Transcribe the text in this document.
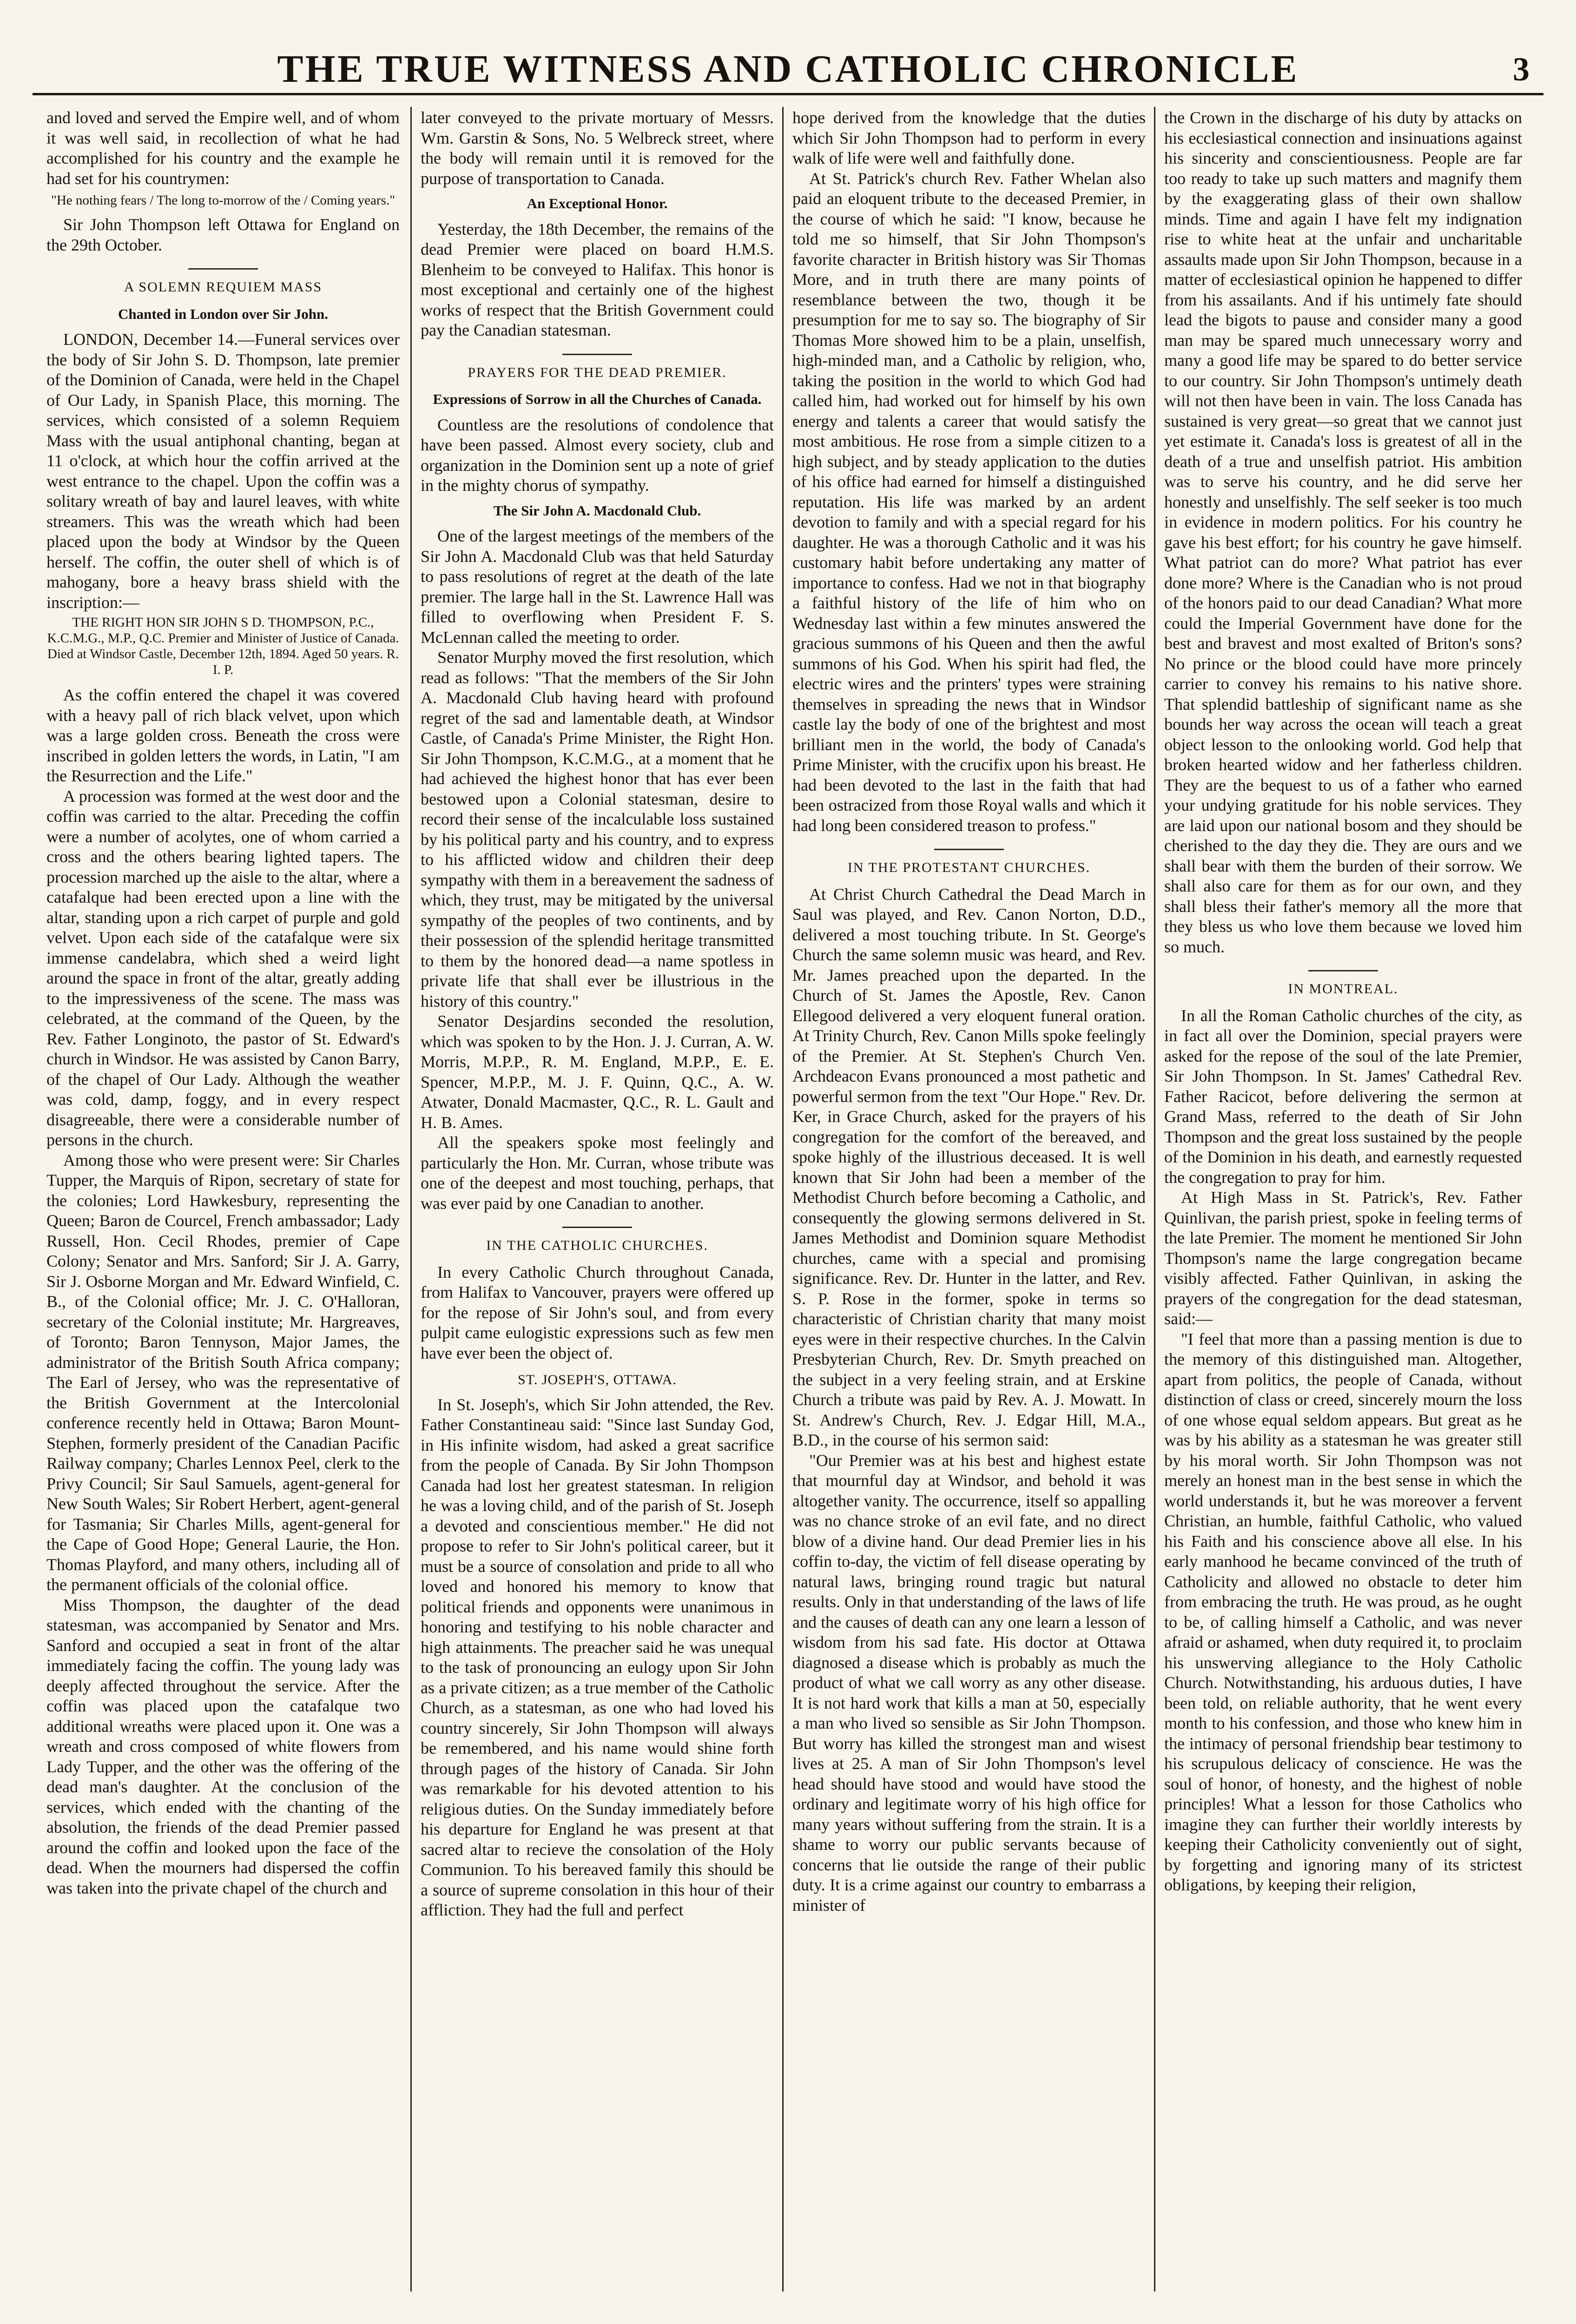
THE TRUE WITNESS AND CATHOLIC CHRONICLE	3

and loved and served the Empire well, and of whom it was well said, in recollection of what he had accomplished for his country and the example he had set for his countrymen:

"He nothing fears / The long to-morrow of the / Coming years."

Sir John Thompson left Ottawa for England on the 29th October.

A SOLEMN REQUIEM MASS
Chanted in London over Sir John.

LONDON, December 14.—Funeral services over the body of Sir John S. D. Thompson, late premier of the Dominion of Canada, were held in the Chapel of Our Lady, in Spanish Place, this morning. The services, which consisted of a solemn Requiem Mass with the usual antiphonal chanting, began at 11 o'clock, at which hour the coffin arrived at the west entrance to the chapel. Upon the coffin was a solitary wreath of bay and laurel leaves, with white streamers. This was the wreath which had been placed upon the body at Windsor by the Queen herself. The coffin, the outer shell of which is of mahogany, bore a heavy brass shield with the inscription:—

THE RIGHT HON SIR JOHN S D. THOMPSON, P.C., K.C.M.G., M.P., Q.C. Premier and Minister of Justice of Canada. Died at Windsor Castle, December 12th, 1894. Aged 50 years. R. I. P.

As the coffin entered the chapel it was covered with a heavy pall of rich black velvet, upon which was a large golden cross. Beneath the cross were inscribed in golden letters the words, in Latin, "I am the Resurrection and the Life."

A procession was formed at the west door and the coffin was carried to the altar. Preceding the coffin were a number of acolytes, one of whom carried a cross and the others bearing lighted tapers. The procession marched up the aisle to the altar, where a catafalque had been erected upon a line with the altar, standing upon a rich carpet of purple and gold velvet. Upon each side of the catafalque were six immense candelabra, which shed a weird light around the space in front of the altar, greatly adding to the impressiveness of the scene. The mass was celebrated, at the command of the Queen, by the Rev. Father Longinoto, the pastor of St. Edward's church in Windsor. He was assisted by Canon Barry, of the chapel of Our Lady. Although the weather was cold, damp, foggy, and in every respect disagreeable, there were a considerable number of persons in the church.

Among those who were present were: Sir Charles Tupper, the Marquis of Ripon, secretary of state for the colonies; Lord Hawkesbury, representing the Queen; Baron de Courcel, French ambassador; Lady Russell, Hon. Cecil Rhodes, premier of Cape Colony; Senator and Mrs. Sanford; Sir J. A. Garry, Sir J. Osborne Morgan and Mr. Edward Winfield, C. B., of the Colonial office; Mr. J. C. O'Halloran, secretary of the Colonial institute; Mr. Hargreaves, of Toronto; Baron Tennyson, Major James, the administrator of the British South Africa company; The Earl of Jersey, who was the representative of the British Government at the Intercolonial conference recently held in Ottawa; Baron Mount-Stephen, formerly president of the Canadian Pacific Railway company; Charles Lennox Peel, clerk to the Privy Council; Sir Saul Samuels, agent-general for New South Wales; Sir Robert Herbert, agent-general for Tasmania; Sir Charles Mills, agent-general for the Cape of Good Hope; General Laurie, the Hon. Thomas Playford, and many others, including all of the permanent officials of the colonial office.

Miss Thompson, the daughter of the dead statesman, was accompanied by Senator and Mrs. Sanford and occupied a seat in front of the altar immediately facing the coffin. The young lady was deeply affected throughout the service. After the coffin was placed upon the catafalque two additional wreaths were placed upon it. One was a wreath and cross composed of white flowers from Lady Tupper, and the other was the offering of the dead man's daughter. At the conclusion of the services, which ended with the chanting of the absolution, the friends of the dead Premier passed around the coffin and looked upon the face of the dead. When the mourners had dispersed the coffin was taken into the private chapel of the church and

later conveyed to the private mortuary of Messrs. Wm. Garstin & Sons, No. 5 Welbreck street, where the body will remain until it is removed for the purpose of transportation to Canada.

An Exceptional Honor.

Yesterday, the 18th December, the remains of the dead Premier were placed on board H.M.S. Blenheim to be conveyed to Halifax. This honor is most exceptional and certainly one of the highest works of respect that the British Government could pay the Canadian statesman.

PRAYERS FOR THE DEAD PREMIER.
Expressions of Sorrow in all the Churches of Canada.

Countless are the resolutions of condolence that have been passed. Almost every society, club and organization in the Dominion sent up a note of grief in the mighty chorus of sympathy.

The Sir John A. Macdonald Club.

One of the largest meetings of the members of the Sir John A. Macdonald Club was that held Saturday to pass resolutions of regret at the death of the late premier. The large hall in the St. Lawrence Hall was filled to overflowing when President F. S. McLennan called the meeting to order.

Senator Murphy moved the first resolution, which read as follows: "That the members of the Sir John A. Macdonald Club having heard with profound regret of the sad and lamentable death, at Windsor Castle, of Canada's Prime Minister, the Right Hon. Sir John Thompson, K.C.M.G., at a moment that he had achieved the highest honor that has ever been bestowed upon a Colonial statesman, desire to record their sense of the incalculable loss sustained by his political party and his country, and to express to his afflicted widow and children their deep sympathy with them in a bereavement the sadness of which, they trust, may be mitigated by the universal sympathy of the peoples of two continents, and by their possession of the splendid heritage transmitted to them by the honored dead—a name spotless in private life that shall ever be illustrious in the history of this country."

Senator Desjardins seconded the resolution, which was spoken to by the Hon. J. J. Curran, A. W. Morris, M.P.P., R. M. England, M.P.P., E. E. Spencer, M.P.P., M. J. F. Quinn, Q.C., A. W. Atwater, Donald Macmaster, Q.C., R. L. Gault and H. B. Ames.

All the speakers spoke most feelingly and particularly the Hon. Mr. Curran, whose tribute was one of the deepest and most touching, perhaps, that was ever paid by one Canadian to another.

IN THE CATHOLIC CHURCHES.

In every Catholic Church throughout Canada, from Halifax to Vancouver, prayers were offered up for the repose of Sir John's soul, and from every pulpit came eulogistic expressions such as few men have ever been the object of.

ST. JOSEPH'S, OTTAWA.

In St. Joseph's, which Sir John attended, the Rev. Father Constantineau said: "Since last Sunday God, in His infinite wisdom, had asked a great sacrifice from the people of Canada. By Sir John Thompson Canada had lost her greatest statesman. In religion he was a loving child, and of the parish of St. Joseph a devoted and conscientious member." He did not propose to refer to Sir John's political career, but it must be a source of consolation and pride to all who loved and honored his memory to know that political friends and opponents were unanimous in honoring and testifying to his noble character and high attainments. The preacher said he was unequal to the task of pronouncing an eulogy upon Sir John as a private citizen; as a true member of the Catholic Church, as a statesman, as one who had loved his country sincerely, Sir John Thompson will always be remembered, and his name would shine forth through pages of the history of Canada. Sir John was remarkable for his devoted attention to his religious duties. On the Sunday immediately before his departure for England he was present at that sacred altar to recieve the consolation of the Holy Communion. To his bereaved family this should be a source of supreme consolation in this hour of their affliction. They had the full and perfect

hope derived from the knowledge that the duties which Sir John Thompson had to perform in every walk of life were well and faithfully done.

At St. Patrick's church Rev. Father Whelan also paid an eloquent tribute to the deceased Premier, in the course of which he said: "I know, because he told me so himself, that Sir John Thompson's favorite character in British history was Sir Thomas More, and in truth there are many points of resemblance between the two, though it be presumption for me to say so. The biography of Sir Thomas More showed him to be a plain, unselfish, high-minded man, and a Catholic by religion, who, taking the position in the world to which God had called him, had worked out for himself by his own energy and talents a career that would satisfy the most ambitious. He rose from a simple citizen to a high subject, and by steady application to the duties of his office had earned for himself a distinguished reputation. His life was marked by an ardent devotion to family and with a special regard for his daughter. He was a thorough Catholic and it was his customary habit before undertaking any matter of importance to confess. Had we not in that biography a faithful history of the life of him who on Wednesday last within a few minutes answered the gracious summons of his Queen and then the awful summons of his God. When his spirit had fled, the electric wires and the printers' types were straining themselves in spreading the news that in Windsor castle lay the body of one of the brightest and most brilliant men in the world, the body of Canada's Prime Minister, with the crucifix upon his breast. He had been devoted to the last in the faith that had been ostracized from those Royal walls and which it had long been considered treason to profess."

IN THE PROTESTANT CHURCHES.

At Christ Church Cathedral the Dead March in Saul was played, and Rev. Canon Norton, D.D., delivered a most touching tribute. In St. George's Church the same solemn music was heard, and Rev. Mr. James preached upon the departed. In the Church of St. James the Apostle, Rev. Canon Ellegood delivered a very eloquent funeral oration. At Trinity Church, Rev. Canon Mills spoke feelingly of the Premier. At St. Stephen's Church Ven. Archdeacon Evans pronounced a most pathetic and powerful sermon from the text "Our Hope." Rev. Dr. Ker, in Grace Church, asked for the prayers of his congregation for the comfort of the bereaved, and spoke highly of the illustrious deceased. It is well known that Sir John had been a member of the Methodist Church before becoming a Catholic, and consequently the glowing sermons delivered in St. James Methodist and Dominion square Methodist churches, came with a special and promising significance. Rev. Dr. Hunter in the latter, and Rev. S. P. Rose in the former, spoke in terms so characteristic of Christian charity that many moist eyes were in their respective churches. In the Calvin Presbyterian Church, Rev. Dr. Smyth preached on the subject in a very feeling strain, and at Erskine Church a tribute was paid by Rev. A. J. Mowatt. In St. Andrew's Church, Rev. J. Edgar Hill, M.A., B.D., in the course of his sermon said:

"Our Premier was at his best and highest estate that mournful day at Windsor, and behold it was altogether vanity. The occurrence, itself so appalling was no chance stroke of an evil fate, and no direct blow of a divine hand. Our dead Premier lies in his coffin to-day, the victim of fell disease operating by natural laws, bringing round tragic but natural results. Only in that understanding of the laws of life and the causes of death can any one learn a lesson of wisdom from his sad fate. His doctor at Ottawa diagnosed a disease which is probably as much the product of what we call worry as any other disease. It is not hard work that kills a man at 50, especially a man who lived so sensible as Sir John Thompson. But worry has killed the strongest man and wisest lives at 25. A man of Sir John Thompson's level head should have stood and would have stood the ordinary and legitimate worry of his high office for many years without suffering from the strain. It is a shame to worry our public servants because of concerns that lie outside the range of their public duty. It is a crime against our country to embarrass a minister of

the Crown in the discharge of his duty by attacks on his ecclesiastical connection and insinuations against his sincerity and conscientiousness. People are far too ready to take up such matters and magnify them by the exaggerating glass of their own shallow minds. Time and again I have felt my indignation rise to white heat at the unfair and uncharitable assaults made upon Sir John Thompson, because in a matter of ecclesiastical opinion he happened to differ from his assailants. And if his untimely fate should lead the bigots to pause and consider many a good man may be spared much unnecessary worry and many a good life may be spared to do better service to our country. Sir John Thompson's untimely death will not then have been in vain. The loss Canada has sustained is very great—so great that we cannot just yet estimate it. Canada's loss is greatest of all in the death of a true and unselfish patriot. His ambition was to serve his country, and he did serve her honestly and unselfishly. The self seeker is too much in evidence in modern politics. For his country he gave his best effort; for his country he gave himself. What patriot can do more? What patriot has ever done more? Where is the Canadian who is not proud of the honors paid to our dead Canadian? What more could the Imperial Government have done for the best and bravest and most exalted of Briton's sons? No prince or the blood could have more princely carrier to convey his remains to his native shore. That splendid battleship of significant name as she bounds her way across the ocean will teach a great object lesson to the onlooking world. God help that broken hearted widow and her fatherless children. They are the bequest to us of a father who earned your undying gratitude for his noble services. They are laid upon our national bosom and they should be cherished to the day they die. They are ours and we shall bear with them the burden of their sorrow. We shall also care for them as for our own, and they shall bless their father's memory all the more that they bless us who love them because we loved him so much.

IN MONTREAL.

In all the Roman Catholic churches of the city, as in fact all over the Dominion, special prayers were asked for the repose of the soul of the late Premier, Sir John Thompson. In St. James' Cathedral Rev. Father Racicot, before delivering the sermon at Grand Mass, referred to the death of Sir John Thompson and the great loss sustained by the people of the Dominion in his death, and earnestly requested the congregation to pray for him.

At High Mass in St. Patrick's, Rev. Father Quinlivan, the parish priest, spoke in feeling terms of the late Premier. The moment he mentioned Sir John Thompson's name the large congregation became visibly affected. Father Quinlivan, in asking the prayers of the congregation for the dead statesman, said:—

"I feel that more than a passing mention is due to the memory of this distinguished man. Altogether, apart from politics, the people of Canada, without distinction of class or creed, sincerely mourn the loss of one whose equal seldom appears. But great as he was by his ability as a statesman he was greater still by his moral worth. Sir John Thompson was not merely an honest man in the best sense in which the world understands it, but he was moreover a fervent Christian, an humble, faithful Catholic, who valued his Faith and his conscience above all else. In his early manhood he became convinced of the truth of Catholicity and allowed no obstacle to deter him from embracing the truth. He was proud, as he ought to be, of calling himself a Catholic, and was never afraid or ashamed, when duty required it, to proclaim his unswerving allegiance to the Holy Catholic Church. Notwithstanding, his arduous duties, I have been told, on reliable authority, that he went every month to his confession, and those who knew him in the intimacy of personal friendship bear testimony to his scrupulous delicacy of conscience. He was the soul of honor, of honesty, and the highest of noble principles! What a lesson for those Catholics who imagine they can further their worldly interests by keeping their Catholicity conveniently out of sight, by forgetting and ignoring many of its strictest obligations, by keeping their religion,
